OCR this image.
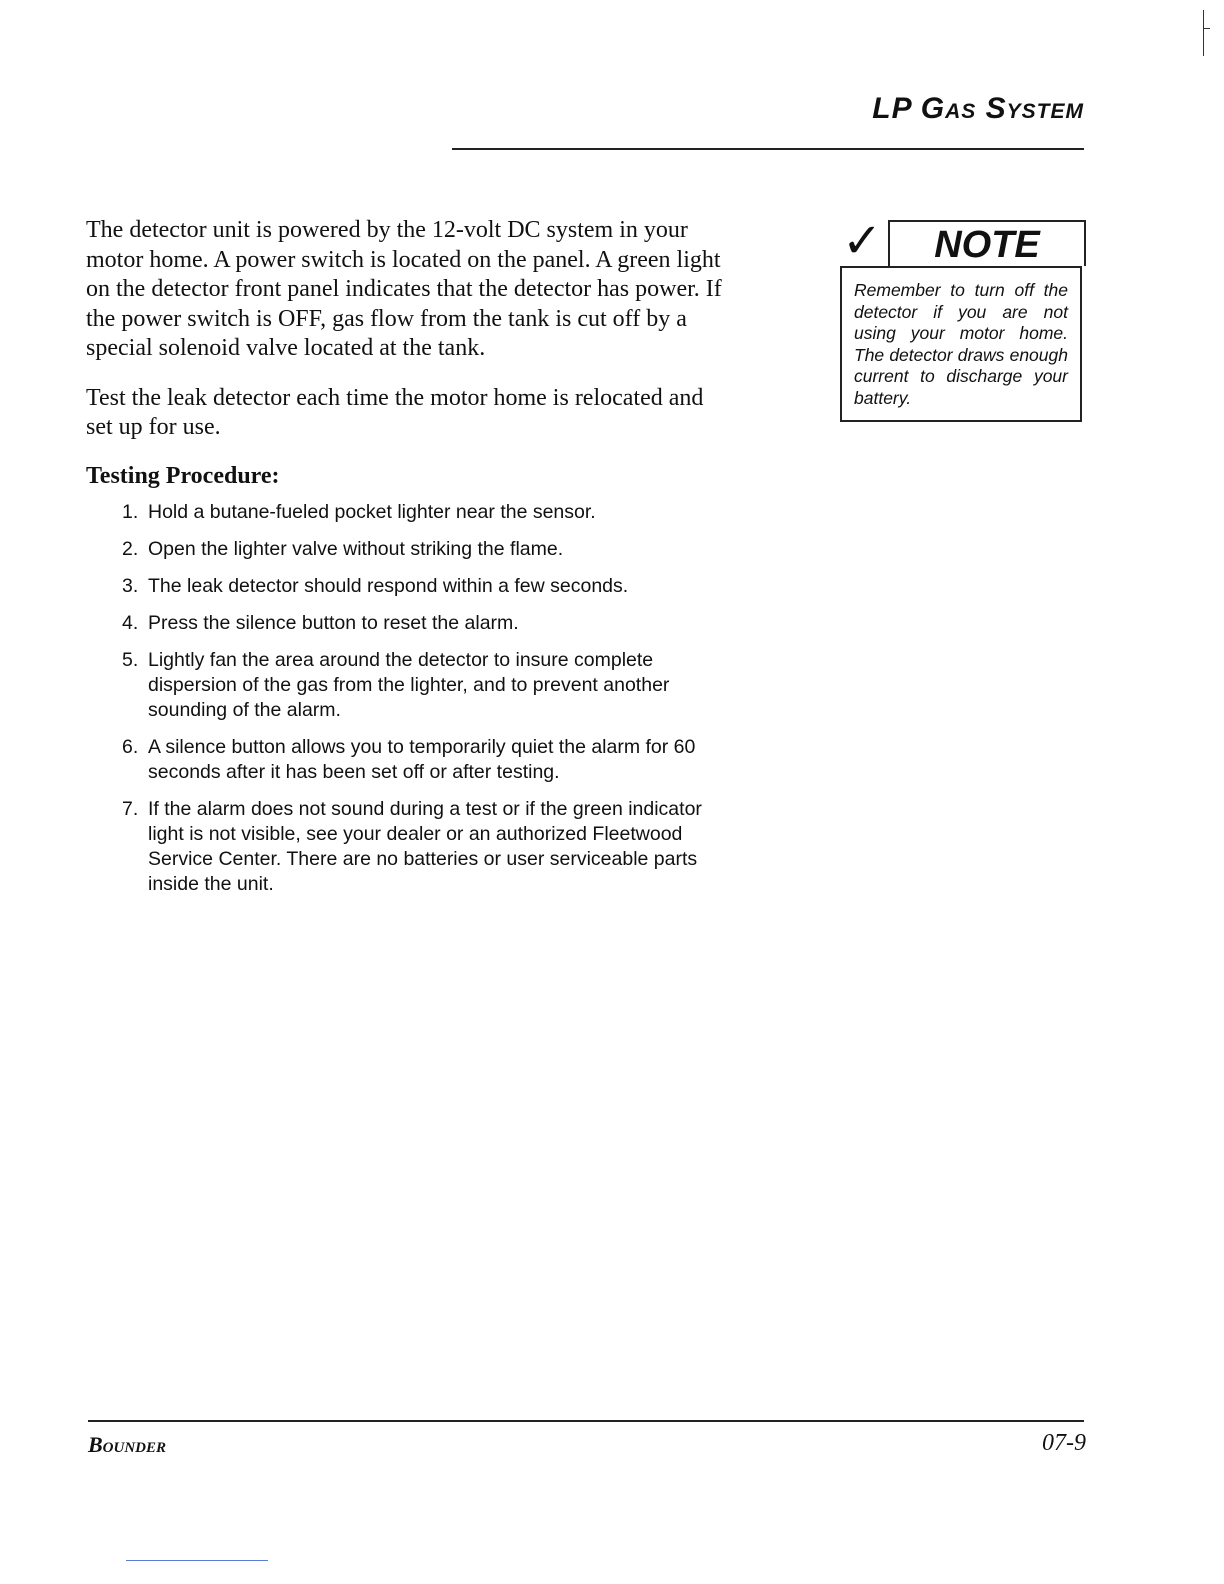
LP Gas System

The detector unit is powered by the 12-volt DC system in your motor home. A power switch is located on the panel. A green light on the detector front panel indicates that the detector has power. If the power switch is OFF, gas flow from the tank is cut off by a special solenoid valve located at the tank.

Test the leak detector each time the motor home is relocated and set up for use.

Testing Procedure:
1. Hold a butane-fueled pocket lighter near the sensor.
2. Open the lighter valve without striking the flame.
3. The leak detector should respond within a few seconds.
4. Press the silence button to reset the alarm.
5. Lightly fan the area around the detector to insure complete dispersion of the gas from the lighter, and to prevent another sounding of the alarm.
6. A silence button allows you to temporarily quiet the alarm for 60 seconds after it has been set off or after testing.
7. If the alarm does not sound during a test or if the green indicator light is not visible, see your dealer or an authorized Fleetwood Service Center. There are no batteries or user serviceable parts inside the unit.
✓	NOTE
Remember to turn off the detector if you are not using your motor home. The detector draws enough current to discharge your battery.
Bounder	07-9
